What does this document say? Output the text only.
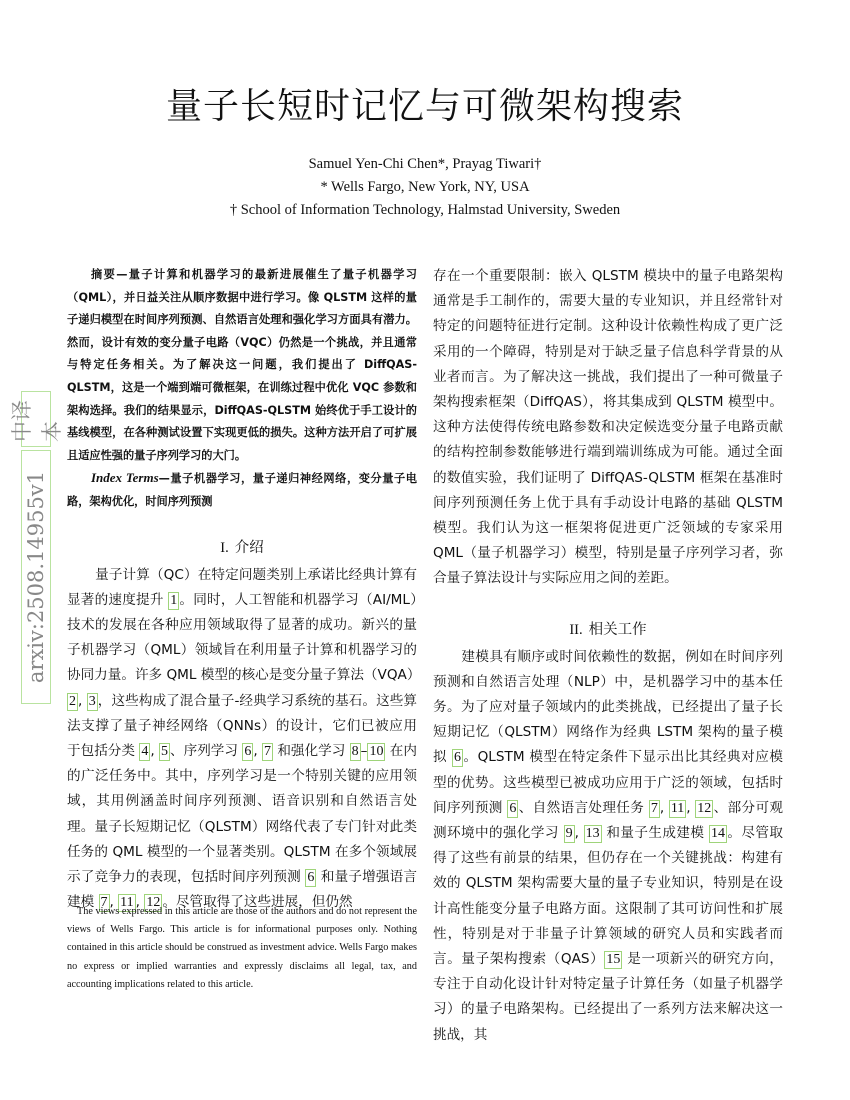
arxiv:2508.14955v1
中译本
量子长短时记忆与可微架构搜索
Samuel Yen-Chi Chen*, Prayag Tiwari†
* Wells Fargo, New York, NY, USA
† School of Information Technology, Halmstad University, Sweden

摘要—量子计算和机器学习的最新进展催生了量子机器学习（QML），并日益关注从顺序数据中进行学习。像 QLSTM 这样的量子递归模型在时间序列预测、自然语言处理和强化学习方面具有潜力。然而，设计有效的变分量子电路（VQC）仍然是一个挑战，并且通常与特定任务相关。为了解决这一问题，我们提出了 DiffQAS-QLSTM，这是一个端到端可微框架，在训练过程中优化 VQC 参数和架构选择。我们的结果显示，DiffQAS-QLSTM 始终优于手工设计的基线模型，在各种测试设置下实现更低的损失。这种方法开启了可扩展且适应性强的量子序列学习的大门。

Index Terms—量子机器学习，量子递归神经网络，变分量子电路，架构优化，时间序列预测

I. 介绍

量子计算（QC）在特定问题类别上承诺比经典计算有显著的速度提升 1 。同时，人工智能和机器学习（AI/ML）技术的发展在各种应用领域取得了显著的成功。新兴的量子机器学习（QML）领域旨在利用量子计算和机器学习的协同力量。许多 QML 模型的核心是变分量子算法（VQA）2 , 3 ，这些构成了混合量子-经典学习系统的基石。这些算法支撑了量子神经网络（QNNs）的设计，它们已被应用于包括分类 4 , 5 、序列学习 6 , 7 和强化学习 8 – 10 在内的广泛任务中。其中，序列学习是一个特别关键的应用领域，其用例涵盖时间序列预测、语音识别和自然语言处理。量子长短期记忆（QLSTM）网络代表了专门针对此类任务的 QML 模型的一个显著类别。QLSTM 在多个领域展示了竞争力的表现，包括时间序列预测 6 和量子增强语言建模 7 , 11 , 12 。尽管取得了这些进展，但仍然

The views expressed in this article are those of the authors and do not represent the views of Wells Fargo. This article is for informational purposes only. Nothing contained in this article should be construed as investment advice. Wells Fargo makes no express or implied warranties and expressly disclaims all legal, tax, and accounting implications related to this article.

存在一个重要限制：嵌入 QLSTM 模块中的量子电路架构通常是手工制作的，需要大量的专业知识，并且经常针对特定的问题特征进行定制。这种设计依赖性构成了更广泛采用的一个障碍，特别是对于缺乏量子信息科学背景的从业者而言。为了解决这一挑战，我们提出了一种可微量子架构搜索框架（DiffQAS），将其集成到 QLSTM 模型中。这种方法使得传统电路参数和决定候选变分量子电路贡献的结构控制参数能够进行端到端训练成为可能。通过全面的数值实验，我们证明了 DiffQAS-QLSTM 框架在基准时间序列预测任务上优于具有手动设计电路的基础 QLSTM 模型。我们认为这一框架将促进更广泛领域的专家采用 QML（量子机器学习）模型，特别是量子序列学习者，弥合量子算法设计与实际应用之间的差距。

II. 相关工作

建模具有顺序或时间依赖性的数据，例如在时间序列预测和自然语言处理（NLP）中，是机器学习中的基本任务。为了应对量子领域内的此类挑战，已经提出了量子长短期记忆（QLSTM）网络作为经典 LSTM 架构的量子模拟 6 。QLSTM 模型在特定条件下显示出比其经典对应模型的优势。这些模型已被成功应用于广泛的领域，包括时间序列预测 6 、自然语言处理任务 7 , 11 , 12 、部分可观测环境中的强化学习 9 , 13 和量子生成建模 14 。尽管取得了这些有前景的结果，但仍存在一个关键挑战：构建有效的 QLSTM 架构需要大量的量子专业知识，特别是在设计高性能变分量子电路方面。这限制了其可访问性和扩展性，特别是对于非量子计算领域的研究人员和实践者而言。量子架构搜索（QAS） 15 是一项新兴的研究方向，专注于自动化设计针对特定量子计算任务（如量子机器学习）的量子电路架构。已经提出了一系列方法来解决这一挑战，其
